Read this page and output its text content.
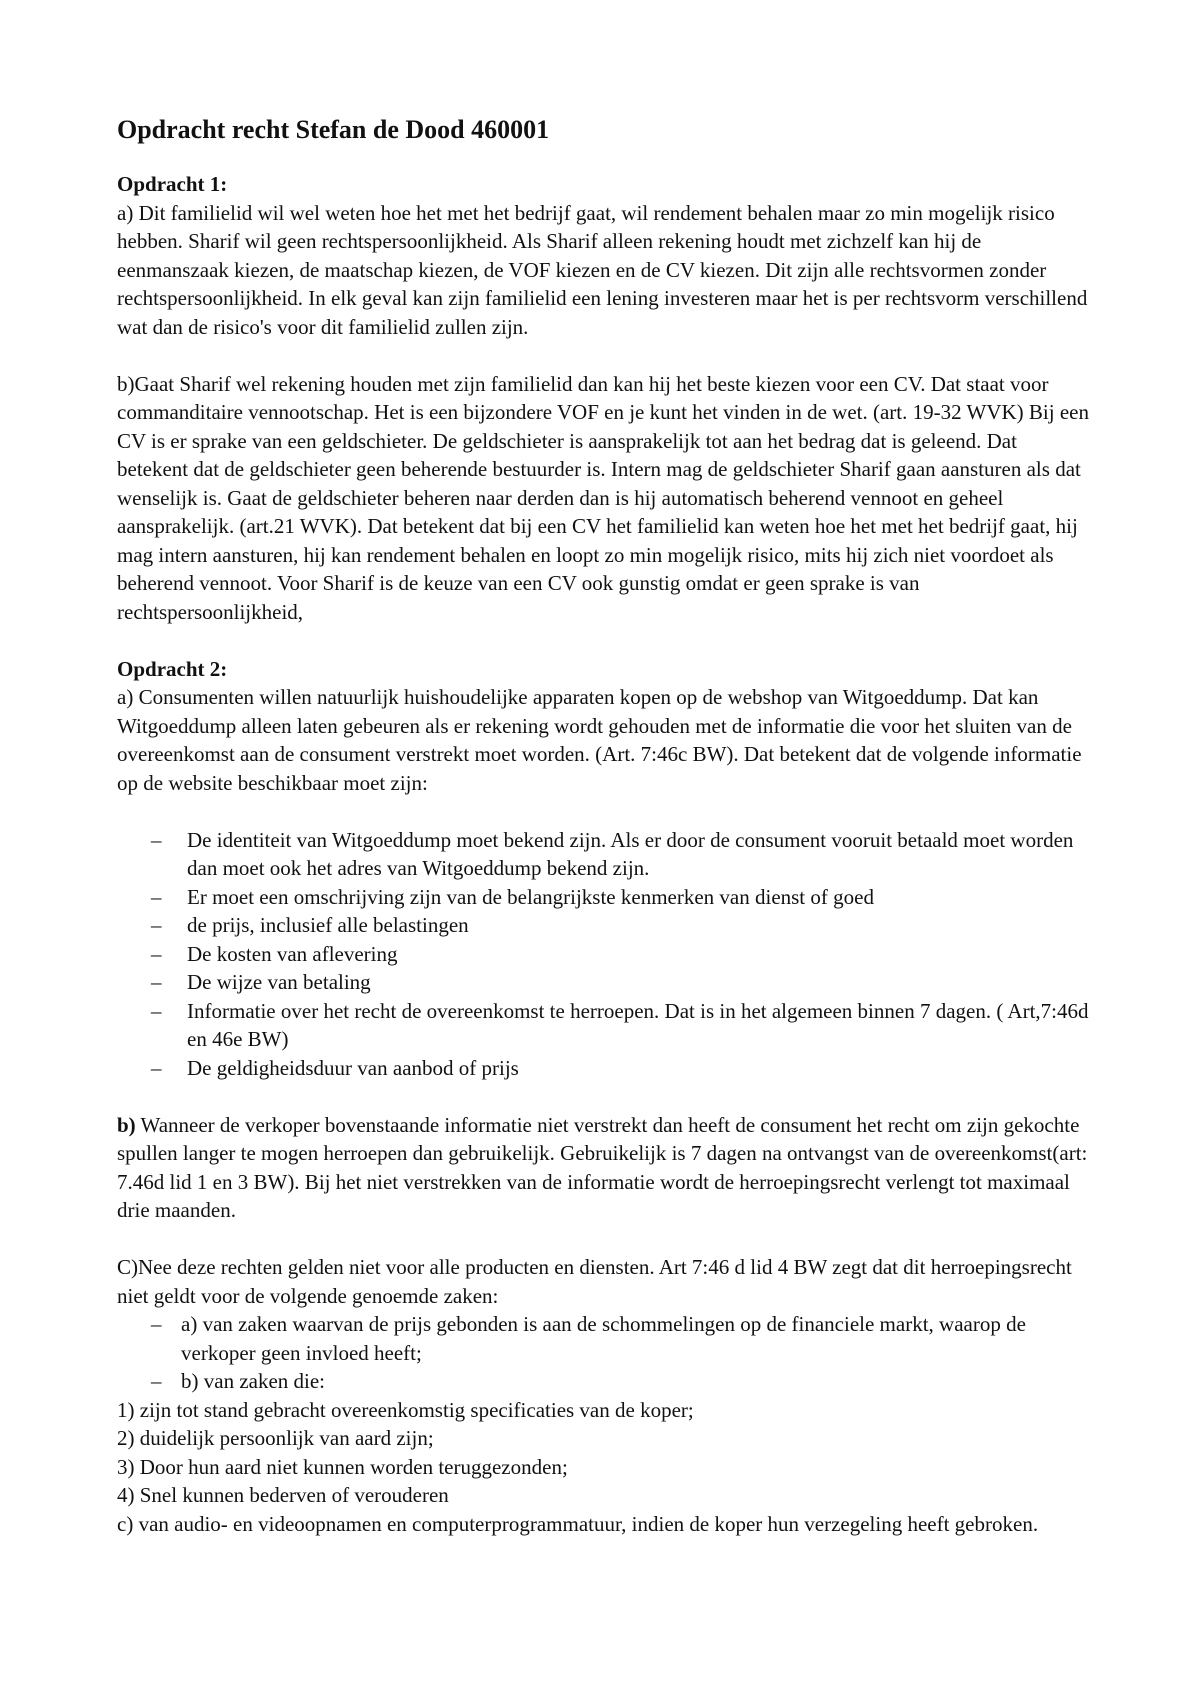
Opdracht recht Stefan de Dood 460001
Opdracht 1:

a) Dit familielid wil wel weten hoe het met het bedrijf gaat, wil rendement behalen maar zo min mogelijk risico hebben. Sharif wil geen rechtspersoonlijkheid. Als Sharif alleen rekening houdt met zichzelf kan hij de eenmanszaak kiezen, de maatschap kiezen, de VOF kiezen en de CV kiezen. Dit zijn alle rechtsvormen zonder rechtspersoonlijkheid. In elk geval kan zijn familielid een lening investeren maar het is per rechtsvorm verschillend wat dan de risico's voor dit familielid zullen zijn.

b)Gaat Sharif wel rekening houden met zijn familielid dan kan hij het beste kiezen voor een CV. Dat staat voor commanditaire vennootschap. Het is een bijzondere VOF en je kunt het vinden in de wet. (art. 19-32 WVK) Bij een CV is er sprake van een geldschieter. De geldschieter is aansprakelijk tot aan het bedrag dat is geleend. Dat betekent dat de geldschieter geen beherende bestuurder is. Intern mag de geldschieter Sharif gaan aansturen als dat wenselijk is. Gaat de geldschieter beheren naar derden dan is hij automatisch beherend vennoot en geheel aansprakelijk. (art.21 WVK). Dat betekent dat bij een CV het familielid kan weten hoe het met het bedrijf gaat, hij mag intern aansturen, hij kan rendement behalen en loopt zo min mogelijk risico, mits hij zich niet voordoet als beherend vennoot. Voor Sharif is de keuze van een CV ook gunstig omdat er geen sprake is van rechtspersoonlijkheid,

Opdracht 2:

a) Consumenten willen natuurlijk huishoudelijke apparaten kopen op de webshop van Witgoeddump. Dat kan Witgoeddump alleen laten gebeuren als er rekening wordt gehouden met de informatie die voor het sluiten van de overeenkomst aan de consument verstrekt moet worden. (Art. 7:46c BW). Dat betekent dat de volgende informatie op de website beschikbaar moet zijn:

– De identiteit van Witgoeddump moet bekend zijn. Als er door de consument vooruit betaald moet worden dan moet ook het adres van Witgoeddump bekend zijn.
– Er moet een omschrijving zijn van de belangrijkste kenmerken van dienst of goed
– de prijs, inclusief alle belastingen
– De kosten van aflevering
– De wijze van betaling
– Informatie over het recht de overeenkomst te herroepen. Dat is in het algemeen binnen 7 dagen. ( Art,7:46d en 46e BW)
– De geldigheidsduur van aanbod of prijs

b) Wanneer de verkoper bovenstaande informatie niet verstrekt dan heeft de consument het recht om zijn gekochte spullen langer te mogen herroepen dan gebruikelijk. Gebruikelijk is 7 dagen na ontvangst van de overeenkomst(art: 7.46d lid 1 en 3 BW). Bij het niet verstrekken van de informatie wordt de herroepingsrecht verlengt tot maximaal drie maanden.

C)Nee deze rechten gelden niet voor alle producten en diensten. Art 7:46 d lid 4 BW zegt dat dit herroepingsrecht niet geldt voor de volgende genoemde zaken:

– a) van zaken waarvan de prijs gebonden is aan de schommelingen op de financiele markt, waarop de verkoper geen invloed heeft;
– b) van zaken die:

1) zijn tot stand gebracht overeenkomstig specificaties van de koper;

2) duidelijk persoonlijk van aard zijn;

3) Door hun aard niet kunnen worden teruggezonden;

4) Snel kunnen bederven of verouderen

c) van audio- en videoopnamen en computerprogrammatuur, indien de koper hun verzegeling heeft gebroken.
